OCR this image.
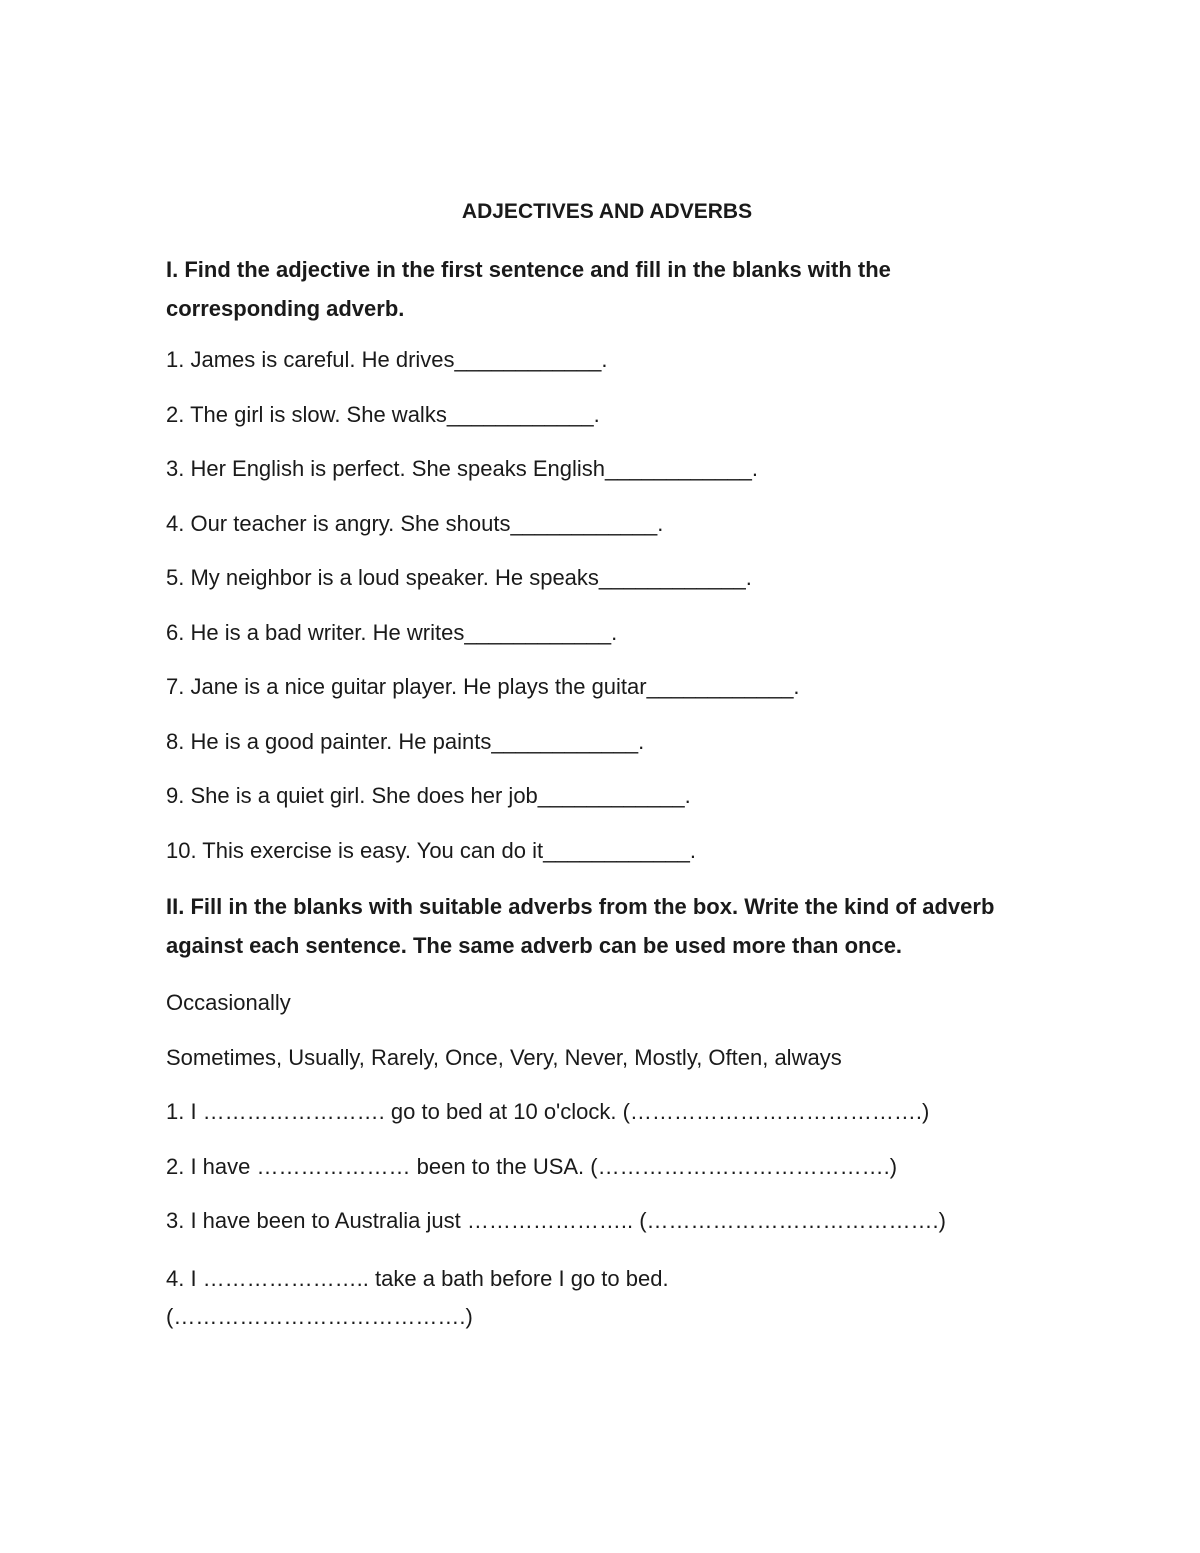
ADJECTIVES AND ADVERBS

I. Find the adjective in the first sentence and fill in the blanks with the corresponding adverb.

1. James is careful. He drives____________.

2. The girl is slow. She walks____________.

3. Her English is perfect. She speaks English____________.

4. Our teacher is angry. She shouts____________.

5. My neighbor is a loud speaker. He speaks____________.

6. He is a bad writer. He writes____________.

7. Jane is a nice guitar player. He plays the guitar____________.

8. He is a good painter. He paints____________.

9. She is a quiet girl. She does her job____________.

10. This exercise is easy. You can do it____________.

II. Fill in the blanks with suitable adverbs from the box. Write the kind of adverb against each sentence. The same adverb can be used more than once.

Occasionally

Sometimes, Usually, Rarely, Once, Very, Never, Mostly, Often, always

1. I ……………………. go to bed at 10 o'clock. (………………………………….)

2. I have ………………… been to the USA. (………………………………….)

3. I have been to Australia just ………………….. (………………………………….)

4. I ………………….. take a bath before I go to bed. (………………………………….)
